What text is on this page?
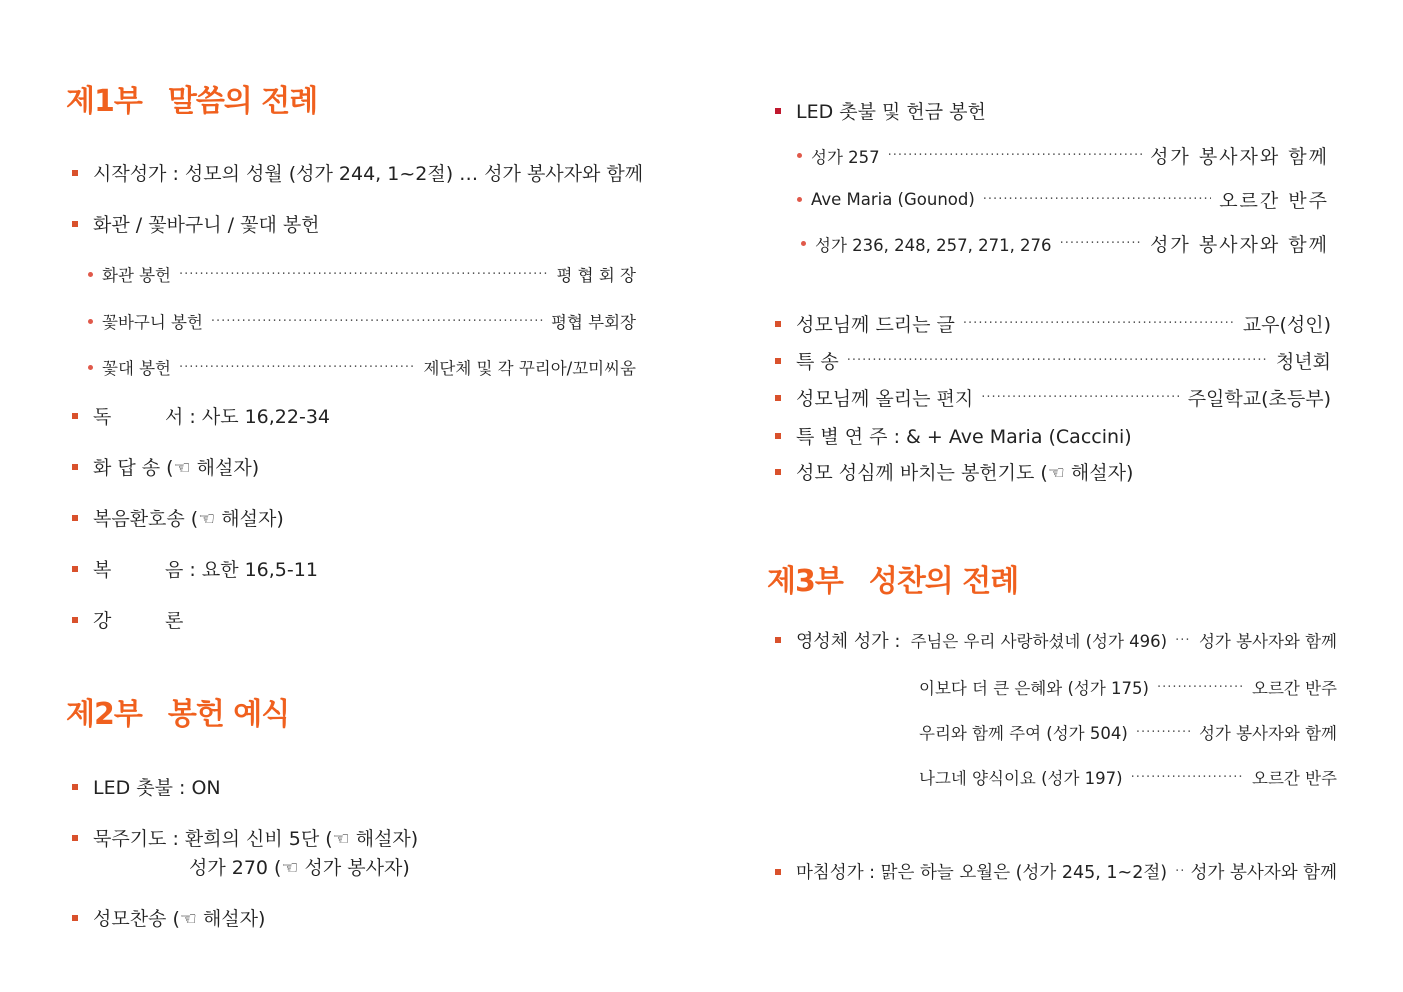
제1부 말씀의 전례
시작성가 : 성모의 성월 (성가 244, 1~2절) … 성가 봉사자와 함께
화관 / 꽃바구니 / 꽃대 봉헌
화관 봉헌 ·····	평 협 회 장
꽃바구니 봉헌 ·····	평협 부회장
꽃대 봉헌 ·····	제단체 및 각 꾸리아/꼬미씨움
독	서 : 사도 16,22-34
화 답 송 (☜ 해설자)
복음환호송 (☜ 해설자)
복	음 : 요한 16,5-11
강	론
제2부 봉헌 예식
LED 촛불 : ON
묵주기도 : 환희의 신비 5단 (☜ 해설자)
성가 270 (☜ 성가 봉사자)
성모찬송 (☜ 해설자)
LED 촛불 및 헌금 봉헌
성가 257 ·····	성가 봉사자와 함께
Ave Maria (Gounod) ·····	오르간 반주
성가 236, 248, 257, 271, 276 ·····	성가 봉사자와 함께
성모님께 드리는 글 ·····	교우(성인)
특 송 ·····	청년회
성모님께 올리는 편지 ·····	주일학교(초등부)
특 별 연 주 : & + Ave Maria (Caccini)
성모 성심께 바치는 봉헌기도 (☜ 해설자)
제3부 성찬의 전례
영성체 성가 : 주님은 우리 사랑하셨네 (성가 496) ····· 성가 봉사자와 함께
이보다 더 큰 은혜와 (성가 175) ·····	오르간 반주
우리와 함께 주여 (성가 504) ·····	성가 봉사자와 함께
나그네 양식이요 (성가 197) ·····	오르간 반주
마침성가 : 맑은 하늘 오월은 (성가 245, 1~2절) ····· 성가 봉사자와 함께
